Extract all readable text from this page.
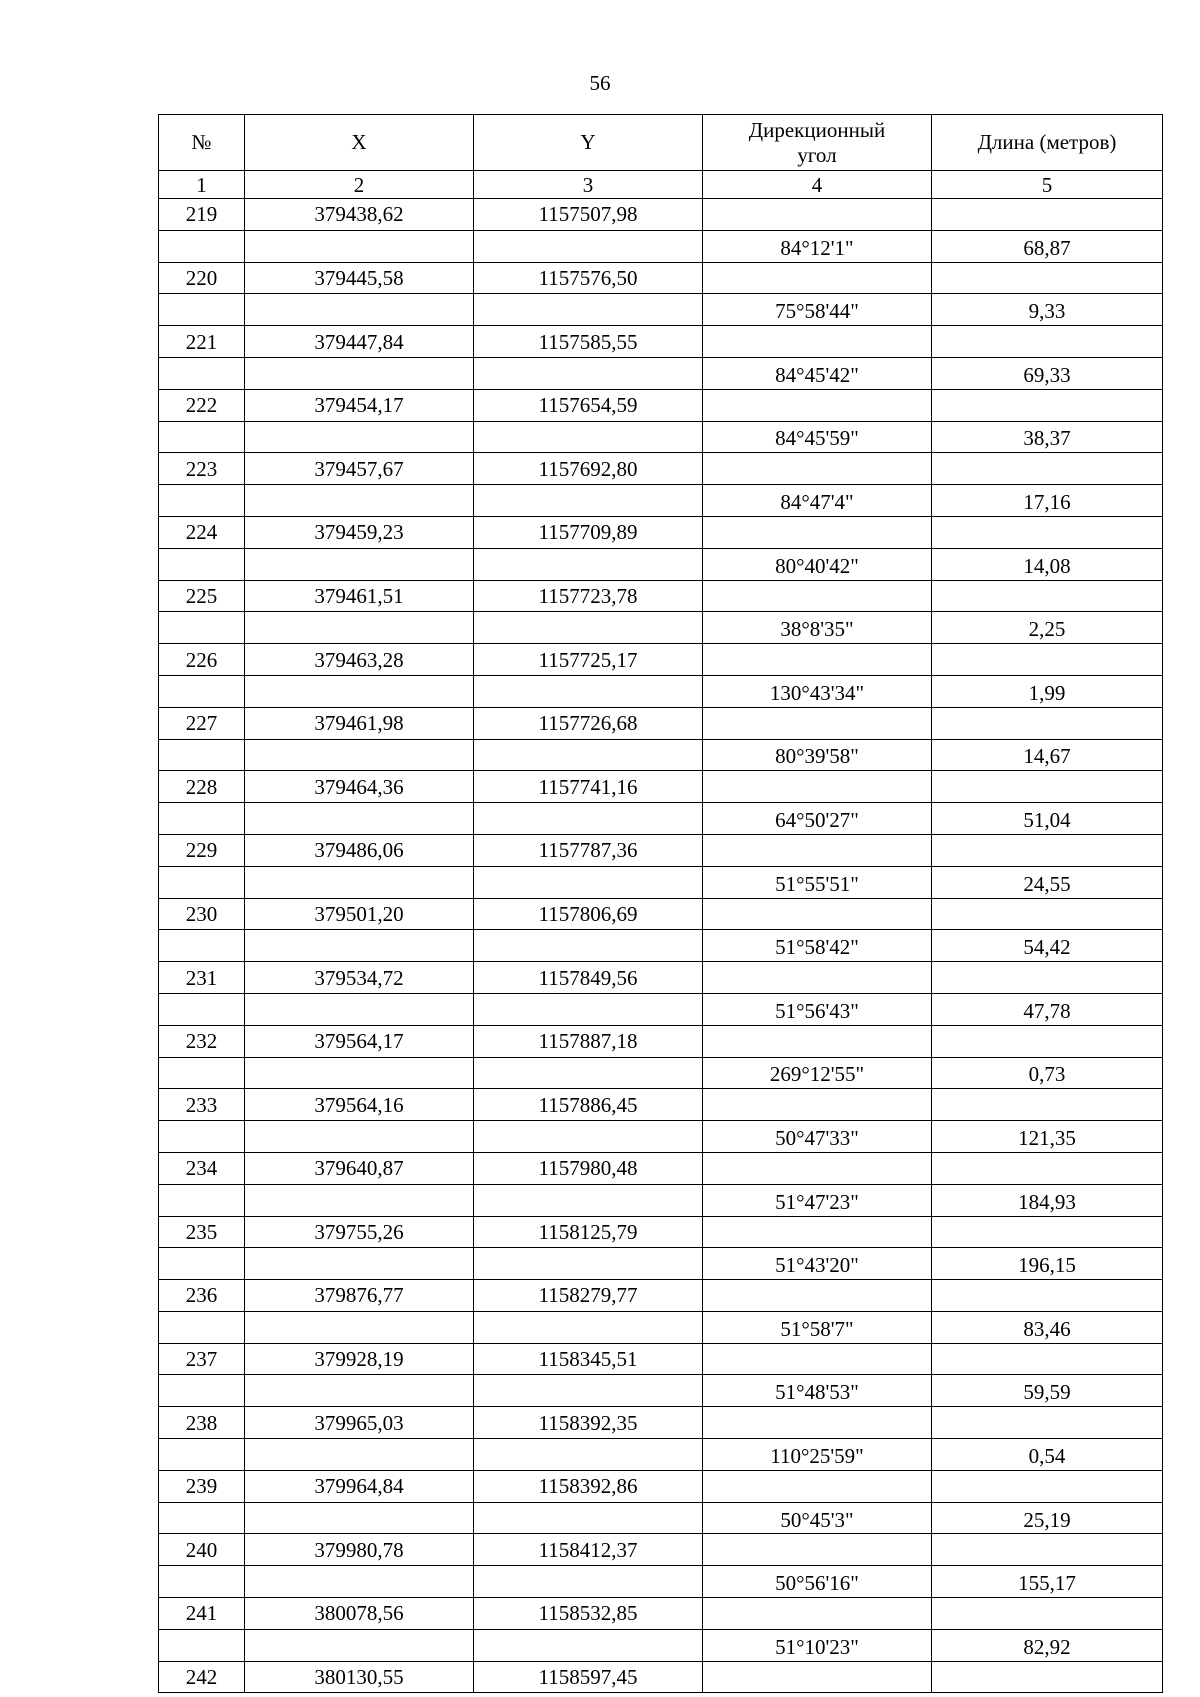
56
№	X	Y	Дирекционный угол	Длина (метров)
1	2	3	4	5
219	379438,62	1157507,98		
			84°12'1"	68,87
220	379445,58	1157576,50		
			75°58'44"	9,33
221	379447,84	1157585,55		
			84°45'42"	69,33
222	379454,17	1157654,59		
			84°45'59"	38,37
223	379457,67	1157692,80		
			84°47'4"	17,16
224	379459,23	1157709,89		
			80°40'42"	14,08
225	379461,51	1157723,78		
			38°8'35"	2,25
226	379463,28	1157725,17		
			130°43'34"	1,99
227	379461,98	1157726,68		
			80°39'58"	14,67
228	379464,36	1157741,16		
			64°50'27"	51,04
229	379486,06	1157787,36		
			51°55'51"	24,55
230	379501,20	1157806,69		
			51°58'42"	54,42
231	379534,72	1157849,56		
			51°56'43"	47,78
232	379564,17	1157887,18		
			269°12'55"	0,73
233	379564,16	1157886,45		
			50°47'33"	121,35
234	379640,87	1157980,48		
			51°47'23"	184,93
235	379755,26	1158125,79		
			51°43'20"	196,15
236	379876,77	1158279,77		
			51°58'7"	83,46
237	379928,19	1158345,51		
			51°48'53"	59,59
238	379965,03	1158392,35		
			110°25'59"	0,54
239	379964,84	1158392,86		
			50°45'3"	25,19
240	379980,78	1158412,37		
			50°56'16"	155,17
241	380078,56	1158532,85		
			51°10'23"	82,92
242	380130,55	1158597,45		
